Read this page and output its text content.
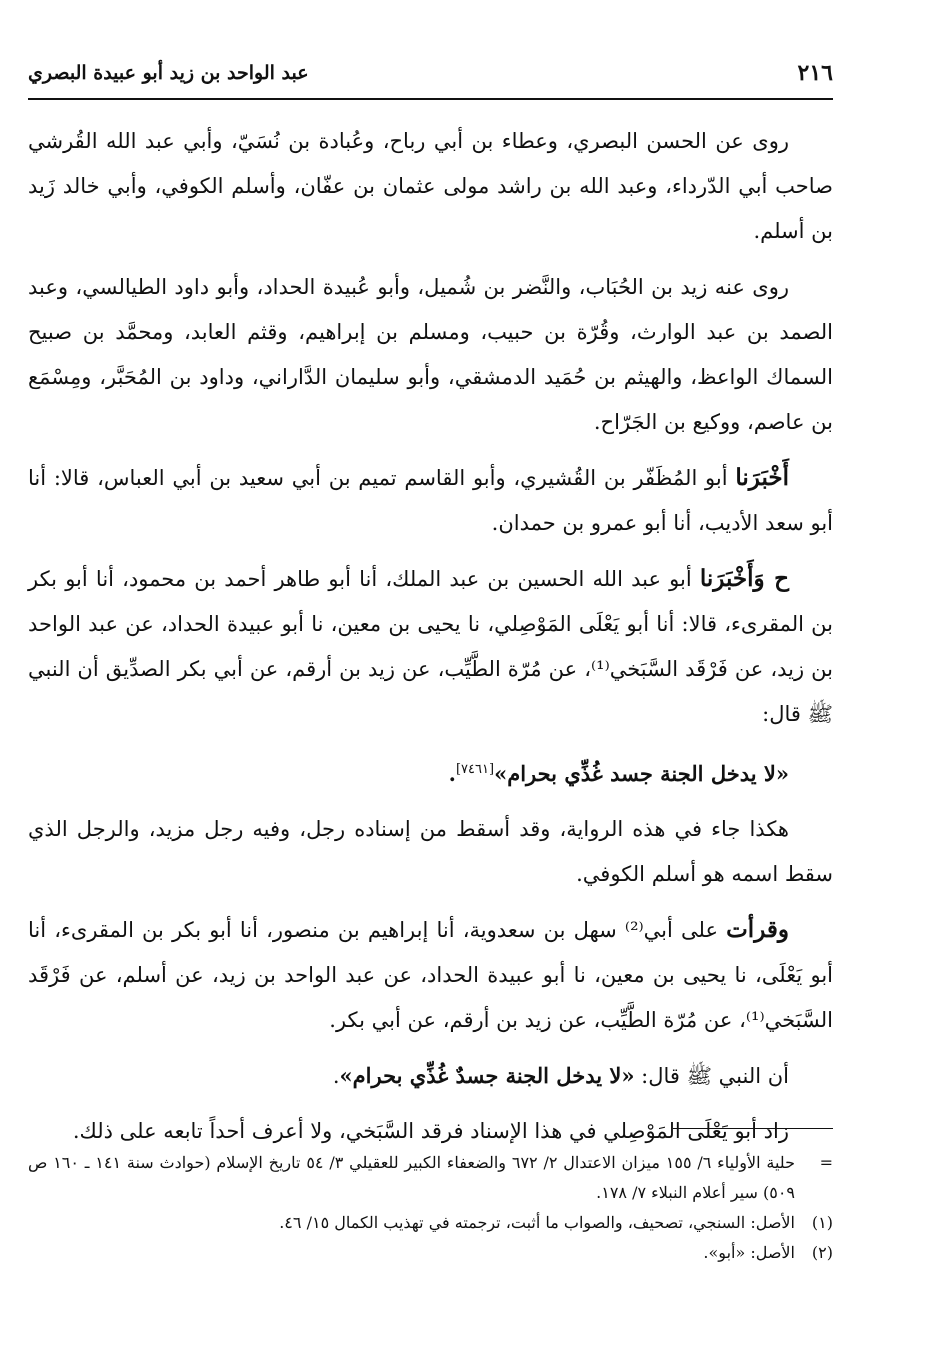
٢١٦
عبد الواحد بن زيد أبو عبيدة البصري

روى عن الحسن البصري، وعطاء بن أبي رباح، وعُبادة بن نُسَيّ، وأبي عبد الله القُرشي صاحب أبي الدّرداء، وعبد الله بن راشد مولى عثمان بن عفّان، وأسلم الكوفي، وأبي خالد زَيد بن أسلم.

روى عنه زيد بن الحُبَاب، والنَّضر بن شُميل، وأبو عُبيدة الحداد، وأبو داود الطيالسي، وعبد الصمد بن عبد الوارث، وقُرّة بن حبيب، ومسلم بن إبراهيم، وقثم العابد، ومحمَّد بن صبيح السماك الواعظ، والهيثم بن حُمَيد الدمشقي، وأبو سليمان الدَّاراني، وداود بن المُحَبَّر، ومِسْمَع بن عاصم، ووكيع بن الجَرّاح.

أَخْبَرَنا أبو المُظَفّر بن القُشيري، وأبو القاسم تميم بن أبي سعيد بن أبي العباس، قالا: أنا أبو سعد الأديب، أنا أبو عمرو بن حمدان.

ح وَأَخْبَرَنا أبو عبد الله الحسين بن عبد الملك، أنا أبو طاهر أحمد بن محمود، أنا أبو بكر بن المقرىء، قالا: أنا أبو يَعْلَى المَوْصِلي، نا يحيى بن معين، نا أبو عبيدة الحداد، عن عبد الواحد بن زيد، عن فَرْقَد السَّبَخي⁽¹⁾، عن مُرّة الطَّيِّب، عن زيد بن أرقم، عن أبي بكر الصدِّيق أن النبي ﷺ قال:

«لا يدخل الجنة جسد غُذِّي بحرام»[٧٤٦١].

هكذا جاء في هذه الرواية، وقد أسقط من إسناده رجل، وفيه رجل مزيد، والرجل الذي سقط اسمه هو أسلم الكوفي.

وقرأت على أبي⁽²⁾ سهل بن سعدوية، أنا إبراهيم بن منصور، أنا أبو بكر بن المقرىء، أنا أبو يَعْلَى، نا يحيى بن معين، نا أبو عبيدة الحداد، عن عبد الواحد بن زيد، عن أسلم، عن فَرْقَد السَّبَخي⁽¹⁾، عن مُرّة الطَّيِّب، عن زيد بن أرقم، عن أبي بكر.

أن النبي ﷺ قال: «لا يدخل الجنة جسدٌ غُذِّي بحرام».

زاد أبو يَعْلَى المَوْصِلي في هذا الإسناد فرقد السَّبَخي، ولا أعرف أحداً تابعه على ذلك.

=
حلية الأولياء ٦/ ١٥٥ ميزان الاعتدال ٢/ ٦٧٢ والضعفاء الكبير للعقيلي ٣/ ٥٤ تاريخ الإسلام (حوادث سنة ١٤١ ـ ١٦٠ ص ٥٠٩) سير أعلام النبلاء ٧/ ١٧٨.

(١)
الأصل: السنجي، تصحيف، والصواب ما أثبت، ترجمته في تهذيب الكمال ١٥/ ٤٦.

(٢)
الأصل: «أبو».
